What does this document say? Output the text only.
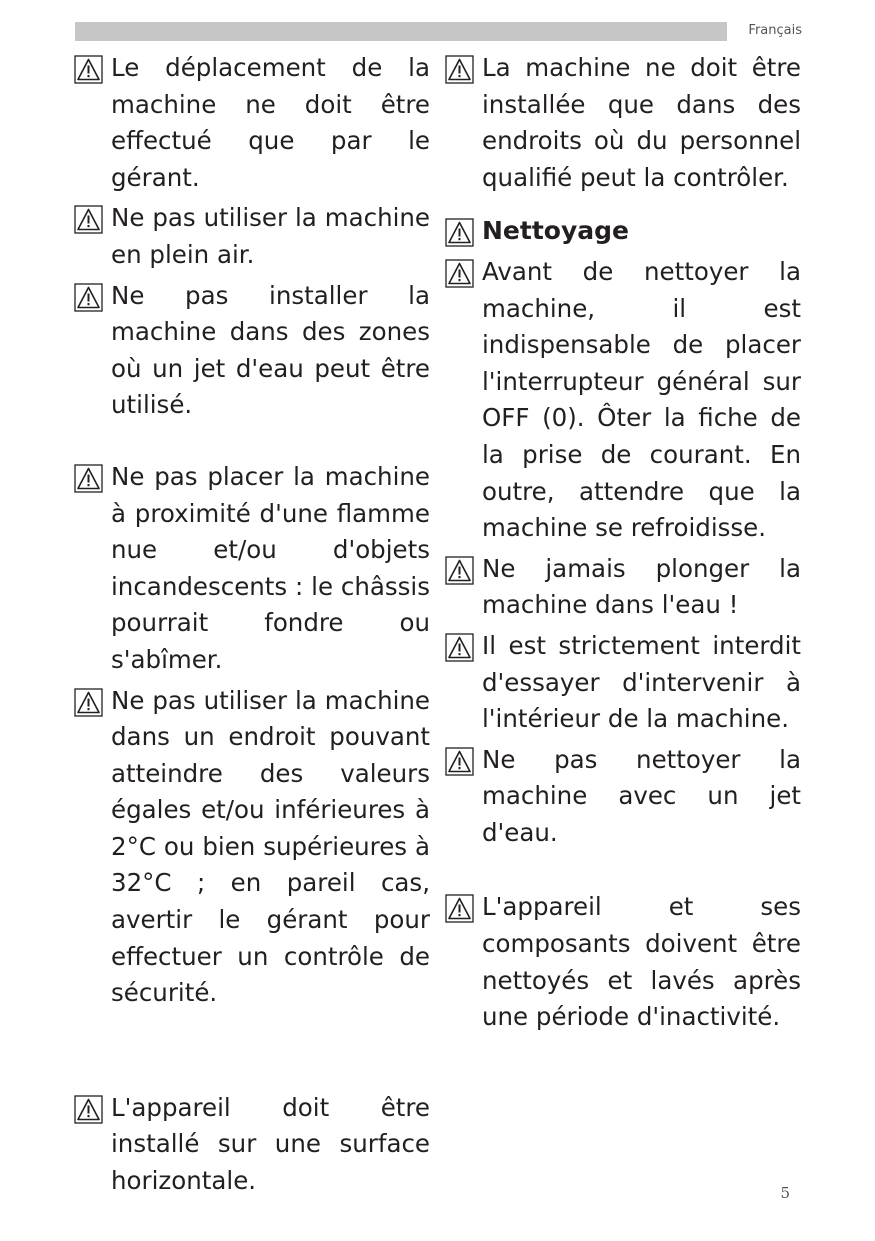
Français
Le déplacement de la machine ne doit être effectué que par le gérant.
Ne pas utiliser la machine en plein air.
Ne pas installer la machine dans des zones où un jet d'eau peut être utilisé.
Ne pas placer la machine à proximité d'une flamme nue et/ou d'objets incandescents : le châssis pourrait fondre ou s'abîmer.
Ne pas utiliser la machine dans un endroit pouvant atteindre des valeurs égales et/ou inférieures à 2°C ou bien supérieures à 32°C ; en pareil cas, avertir le gérant pour effectuer un contrôle de sécurité.
L'appareil doit être installé sur une surface horizontale.
La machine ne doit être installée que dans des endroits où du personnel qualifié peut la contrôler.
Nettoyage
Avant de nettoyer la machine, il est indispensable de placer l'interrupteur général sur OFF (0). Ôter la fiche de la prise de courant. En outre, attendre que la machine se refroidisse.
Ne jamais plonger la machine dans l'eau !
Il est strictement interdit d'essayer d'intervenir à l'intérieur de la machine.
Ne pas nettoyer la machine avec un jet d'eau.
L'appareil et ses composants doivent être nettoyés et lavés après une période d'inactivité.
5
